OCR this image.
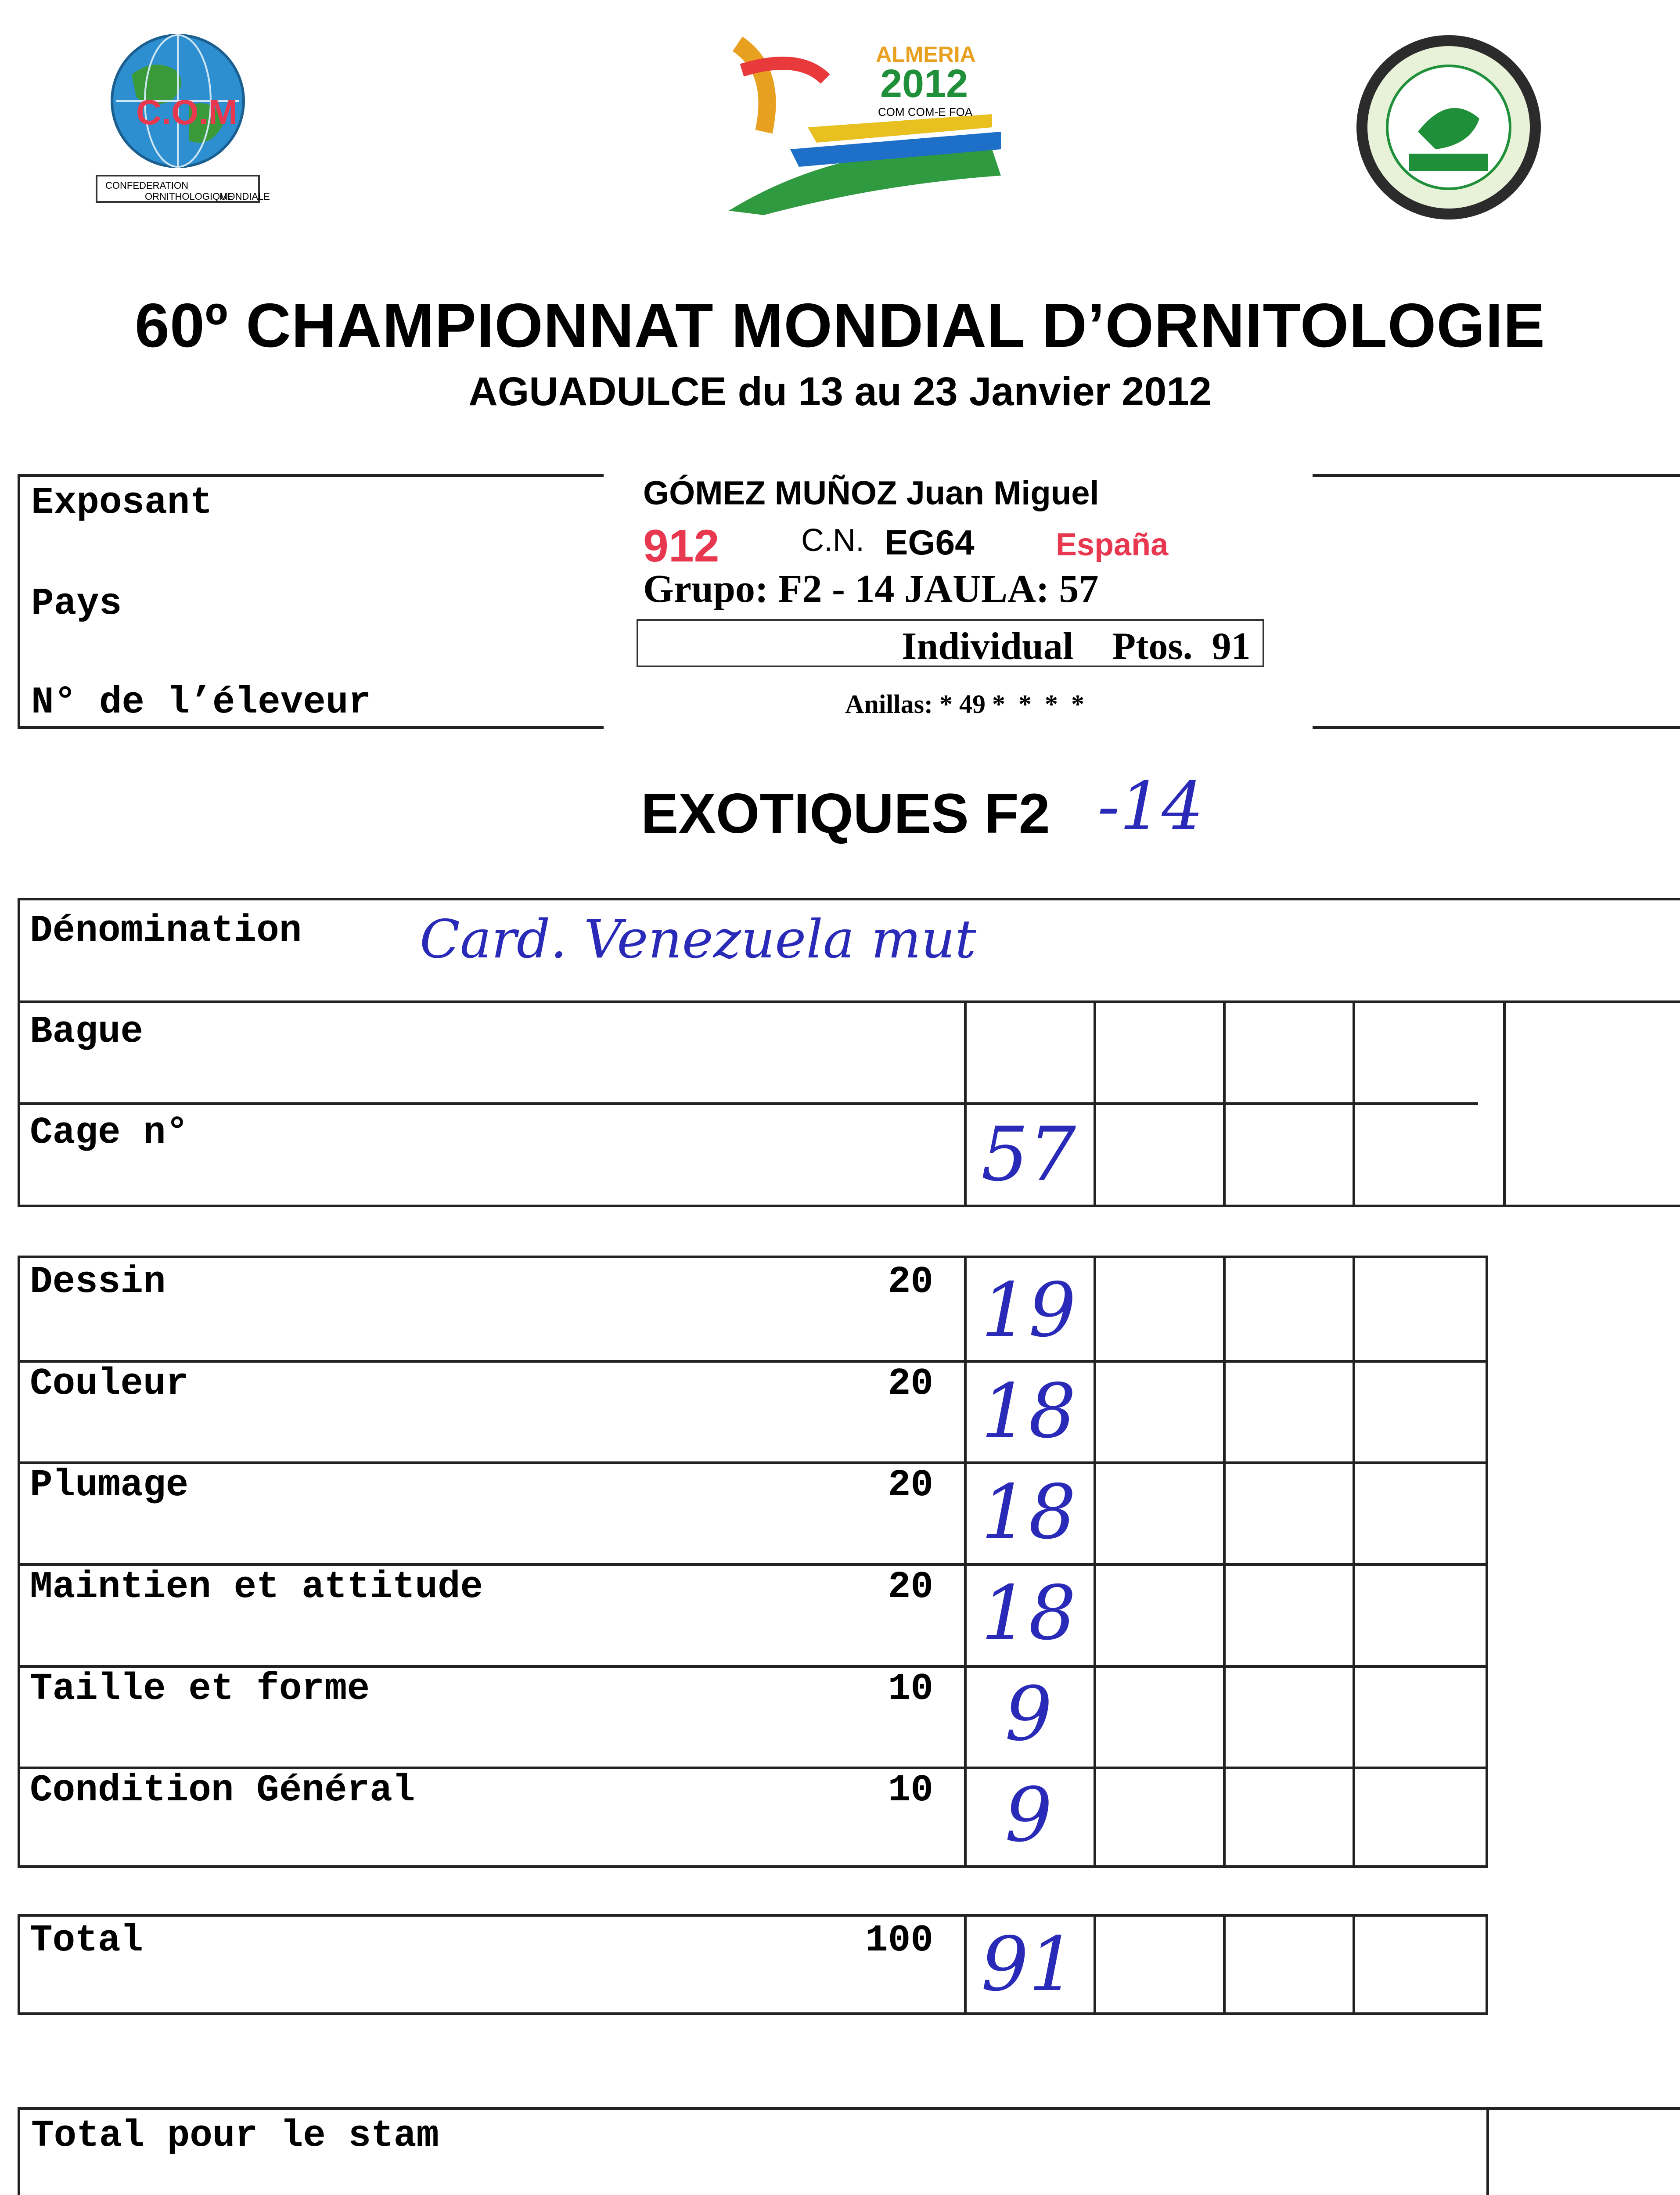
C.O.M
CONFEDERATION
ORNITHOLOGIQUE
MONDIALE
ALMERIA
2012
COM COM-E FOA
60º CHAMPIONNAT MONDIAL D’ORNITOLOGIE
AGUADULCE du 13 au 23 Janvier 2012
Exposant
Pays
N° de l’éleveur
GÓMEZ MUÑOZ Juan Miguel
912	C.N. EG64	España
Grupo: F2 - 14 JAULA: 57
Individual    Ptos.  91
Anillas: * 49 *  *  *  *
EXOTIQUES F2 -14
Dénomination Card. Venezuela mut
Bague
Cage n°	57
Dessin	20 19
Couleur	20 18
Plumage	20 18
Maintien et attitude	20 18
Taille et forme	10 9
Condition Général	10 9
Total	100 91
Total pour le stam
